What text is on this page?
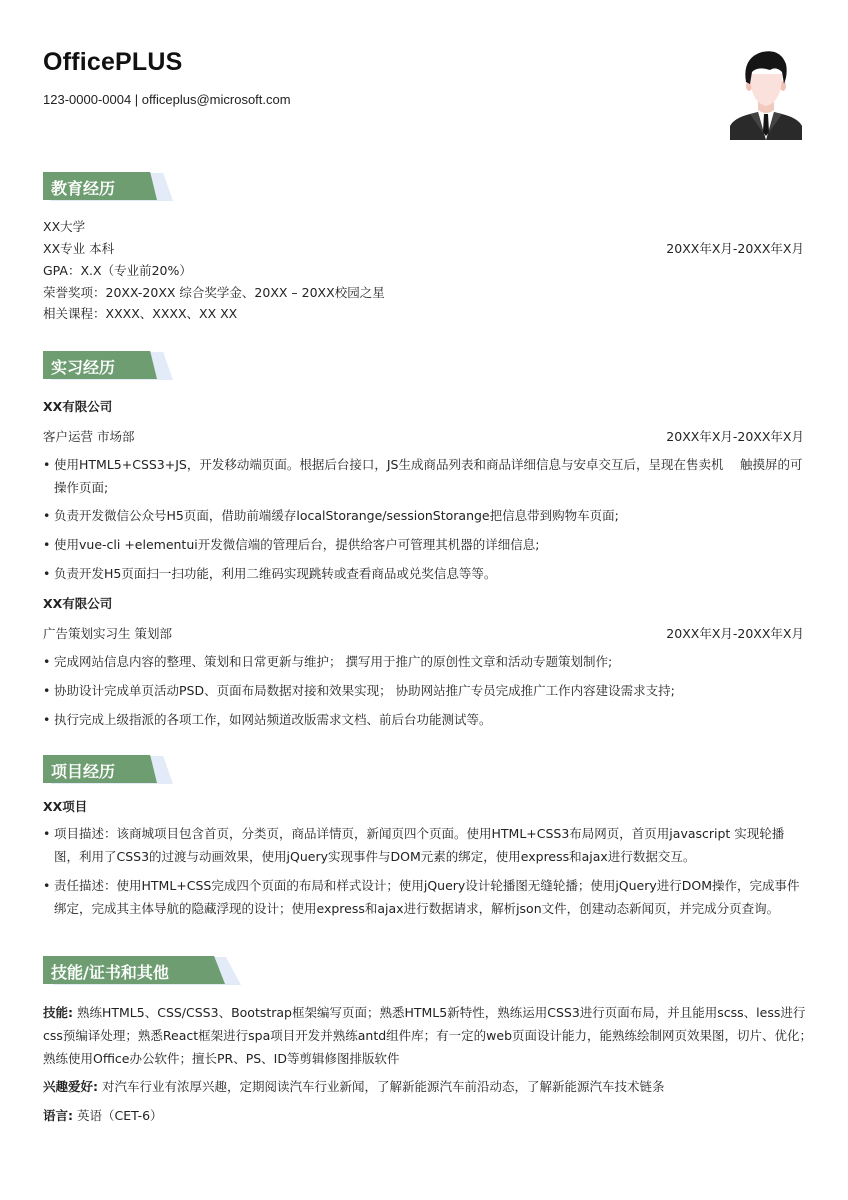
OfficePLUS
123-0000-0004 | officeplus@microsoft.com
教育经历
XX大学
XX专业 本科	20XX年X月-20XX年X月
GPA：X.X（专业前20%）
荣誉奖项：20XX-20XX 综合奖学金、20XX – 20XX校园之星
相关课程：XXXX、XXXX、XX XX
实习经历
XX有限公司
客户运营 市场部	20XX年X月-20XX年X月
• 使用HTML5+CSS3+JS，开发移动端页面。根据后台接口，JS生成商品列表和商品详细信息与安卓交互后，呈现在售卖机　 触摸屏的可操作页面;
• 负责开发微信公众号H5页面，借助前端缓存localStorange/sessionStorange把信息带到购物车页面;
• 使用vue-cli +elementui开发微信端的管理后台，提供给客户可管理其机器的详细信息;
• 负责开发H5页面扫一扫功能，利用二维码实现跳转或查看商品或兑奖信息等等。
XX有限公司
广告策划实习生 策划部	20XX年X月-20XX年X月
• 完成网站信息内容的整理、策划和日常更新与维护； 撰写用于推广的原创性文章和活动专题策划制作;
• 协助设计完成单页活动PSD、页面布局数据对接和效果实现； 协助网站推广专员完成推广工作内容建设需求支持;
• 执行完成上级指派的各项工作，如网站频道改版需求文档、前后台功能测试等。
项目经历
XX项目
• 项目描述：该商城项目包含首页，分类页，商品详情页，新闻页四个页面。使用HTML+CSS3布局网页，首页用javascript 实现轮播图，利用了CSS3的过渡与动画效果，使用jQuery实现事件与DOM元素的绑定，使用express和ajax进行数据交互。
• 责任描述：使用HTML+CSS完成四个页面的布局和样式设计；使用jQuery设计轮播图无缝轮播；使用jQuery进行DOM操作，完成事件绑定，完成其主体导航的隐藏浮现的设计；使用express和ajax进行数据请求，解析json文件，创建动态新闻页，并完成分页查询。
技能/证书和其他
技能: 熟练HTML5、CSS/CSS3、Bootstrap框架编写页面；熟悉HTML5新特性，熟练运用CSS3进行页面布局，并且能用scss、less进行css预编译处理；熟悉React框架进行spa项目开发并熟练antd组件库；有一定的web页面设计能力，能熟练绘制网页效果图，切片、优化；熟练使用Office办公软件；擅长PR、PS、ID等剪辑修图排版软件
兴趣爱好: 对汽车行业有浓厚兴趣，定期阅读汽车行业新闻，了解新能源汽车前沿动态，了解新能源汽车技术链条
语言: 英语（CET-6）
